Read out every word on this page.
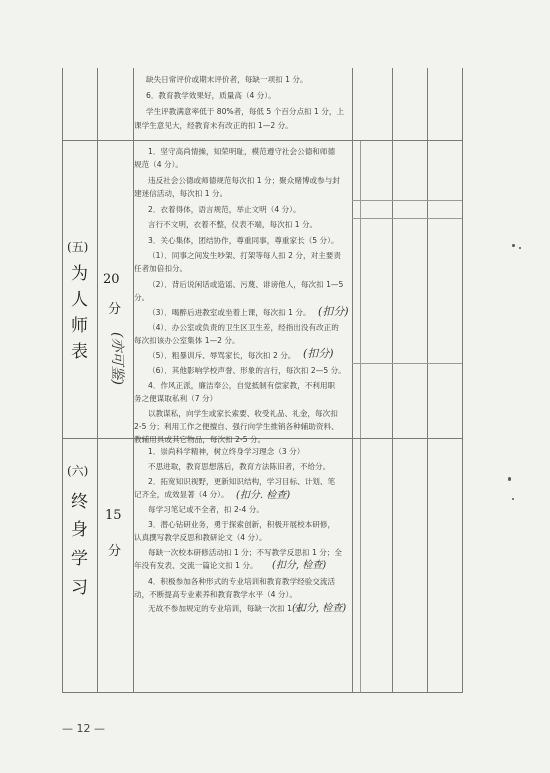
缺失日常评价或期末评价者，每缺一项扣 1 分。
6．教育教学效果好，质量高（4 分）。
学生评教满意率低于 80%者，每低 5 个百分点扣 1 分，上
课学生意见大，经教育未有改正的扣 1—2 分。
(五)
为
人
师
表
20
分
(亦可鉴)
1．坚守高尚情操，知荣明耻，模范遵守社会公德和师德
规范（4 分）。
违反社会公德或师德规范每次扣 1 分；聚众赌博或参与封
建迷信活动，每次扣 1 分。
2．衣着得体，语言规范，举止文明（4 分）。
言行不文明，衣着不整，仪表不端，每次扣 1 分。
3．关心集体，团结协作，尊重同事，尊重家长（5 分）。
（1）．同事之间发生吵架、打架等每人扣 2 分，对主要责
任者加倍扣分。
（2）．背后说闲话或造谣、污蔑、诽谤他人，每次扣 1—5
分。
（3）．喝醉后进教室或坐着上课，每次扣 1 分。 (扣分)
（4）．办公室或负责的卫生区卫生差，经指出没有改正的
每次扣该办公室集体 1—2 分。
（5）．粗暴训斥、辱骂家长，每次扣 2 分。 (扣分)
（6）．其他影响学校声誉、形象的言行，每次扣 2—5 分。
4．作风正派，廉洁奉公，自觉抵制有偿家教，不利用职
务之便谋取私利（7 分）
以教谋私，向学生或家长索要、收受礼品、礼金，每次扣
2-5 分；利用工作之便擅自、强行向学生推销各种辅助资料、
教辅用具或其它物品，每次扣 2-5 分。
(六)
终
身
学
习
15
分
1．崇尚科学精神，树立终身学习理念（3 分）
不思进取，教育思想落后，教育方法陈旧者，不给分。
2．拓宽知识视野，更新知识结构，学习目标、计划、笔
记齐全，成效显著（4 分）。 (扣分. 检查)
每学习笔记或不全者，扣 2-4 分。
3．潜心钻研业务，勇于探索创新，积极开展校本研修，
认真撰写教学反思和教研论文（4 分）。
每缺一次校本研修活动扣 1 分；不写教学反思扣 1 分；全
年没有发表、交流一篇论文扣 1 分。 (扣分, 检查)
4．积极参加各种形式的专业培训和教育教学经验交流活
动，不断提高专业素养和教育教学水平（4 分）。
无故不参加规定的专业培训，每缺一次扣 1 分。
(扣分, 检查)
— 12 —
